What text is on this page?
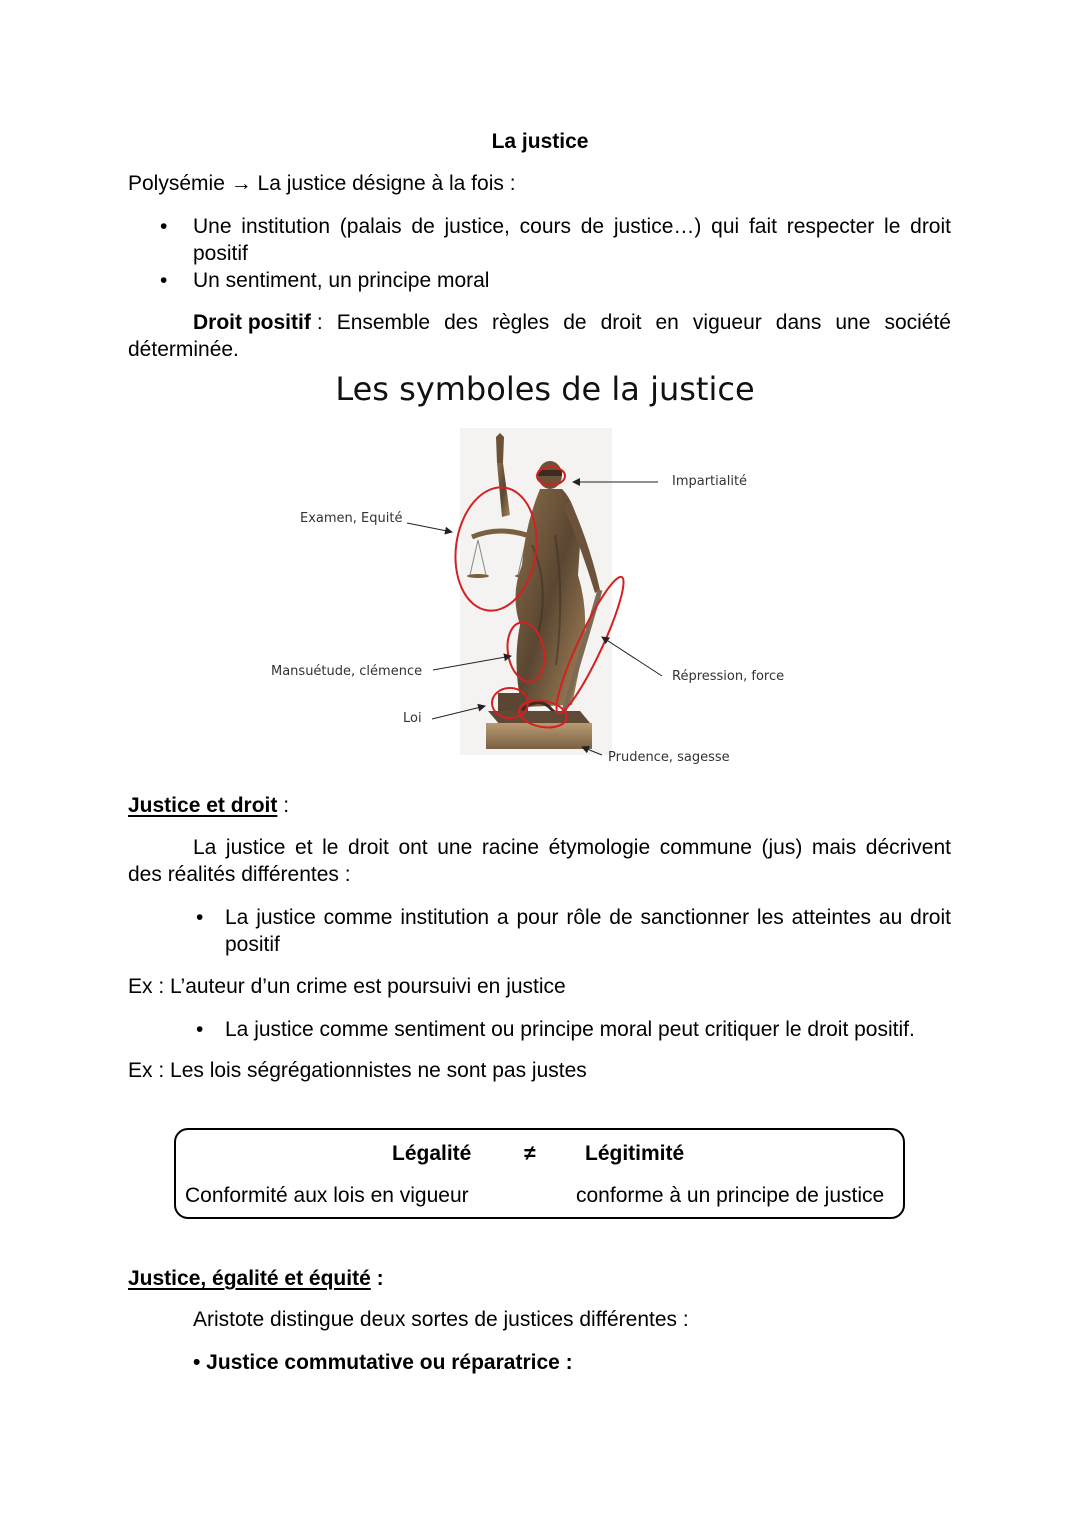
La justice
Polysémie → La justice désigne à la fois :
• Une institution (palais de justice, cours de justice…) qui fait respecter le droit
positif
• Un sentiment, un principe moral
Droit positif : Ensemble des règles de droit en vigueur dans une société
déterminée.
Les symboles de la justice
Impartialité
Examen, Equité
Mansuétude, clémence	Répression, force
Loi
Prudence, sagesse
Justice et droit :
La justice et le droit ont une racine étymologie commune (jus) mais décrivent
des réalités différentes :
• La justice comme institution a pour rôle de sanctionner les atteintes au droit
positif
Ex : L’auteur d’un crime est poursuivi en justice
• La justice comme sentiment ou principe moral peut critiquer le droit positif.
Ex : Les lois ségrégationnistes ne sont pas justes
Légalité	≠ Légitimité
Conformité aux lois en vigueur	conforme à un principe de justice
Justice, égalité et équité :
Aristote distingue deux sortes de justices différentes :
• Justice commutative ou réparatrice :
